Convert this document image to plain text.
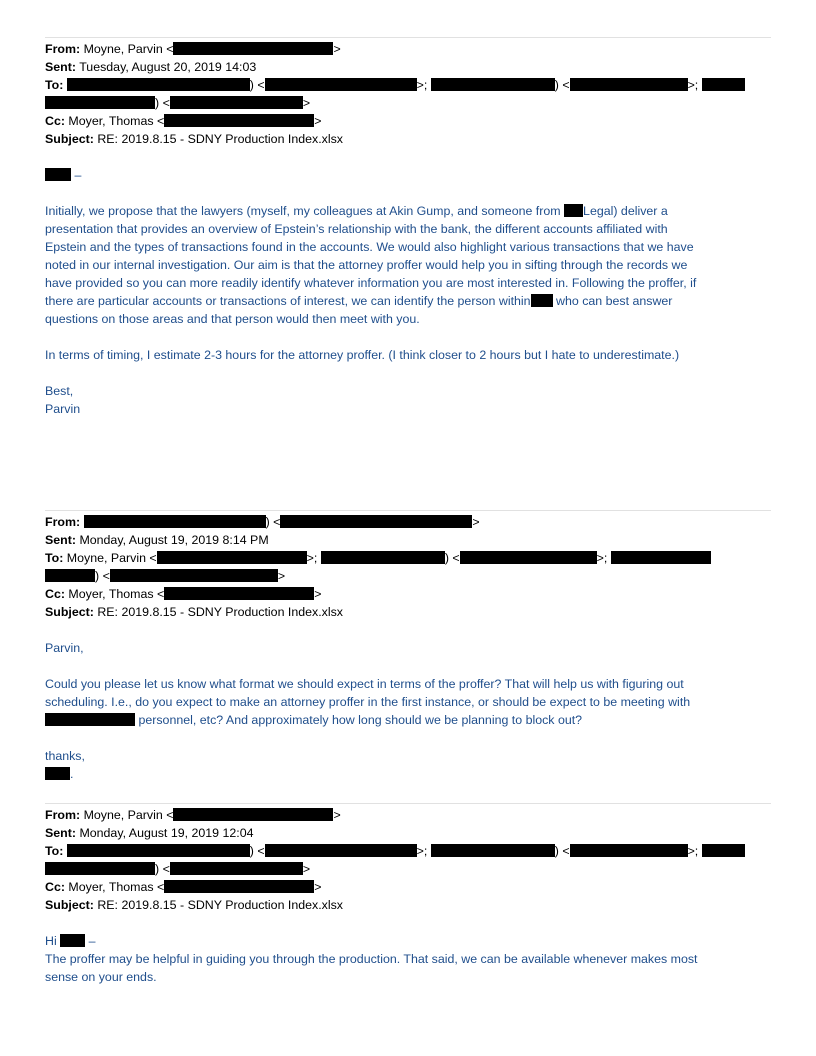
From: Moyne, Parvin <	>
Sent: Tuesday, August 20, 2019 14:03
To:	) <	>;	) <	>;
) <	>
Cc: Moyer, Thomas <	>
Subject: RE: 2019.8.15 - SDNY Production Index.xlsx
–
Initially, we propose that the lawyers (myself, my colleagues at Akin Gump, and someone from Legal) deliver a
presentation that provides an overview of Epstein’s relationship with the bank, the different accounts affiliated with
Epstein and the types of transactions found in the accounts. We would also highlight various transactions that we have
noted in our internal investigation. Our aim is that the attorney proffer would help you in sifting through the records we
have provided so you can more readily identify whatever information you are most interested in. Following the proffer, if
there are particular accounts or transactions of interest, we can identify the person within who can best answer
questions on those areas and that person would then meet with you.
In terms of timing, I estimate 2-3 hours for the attorney proffer. (I think closer to 2 hours but I hate to underestimate.)
Best,
Parvin
From:	) <	>
Sent: Monday, August 19, 2019 8:14 PM
To: Moyne, Parvin <	>;	) <	>;
) <	>
Cc: Moyer, Thomas <	>
Subject: RE: 2019.8.15 - SDNY Production Index.xlsx
Parvin,
Could you please let us know what format we should expect in terms of the proffer? That will help us with figuring out
scheduling. I.e., do you expect to make an attorney proffer in the first instance, or should be expect to be meeting with
personnel, etc? And approximately how long should we be planning to block out?
thanks,
.
From: Moyne, Parvin <	>
Sent: Monday, August 19, 2019 12:04
To:	) <	>;	) <	>;
) <	>
Cc: Moyer, Thomas <	>
Subject: RE: 2019.8.15 - SDNY Production Index.xlsx
Hi  –
The proffer may be helpful in guiding you through the production. That said, we can be available whenever makes most
sense on your ends.
